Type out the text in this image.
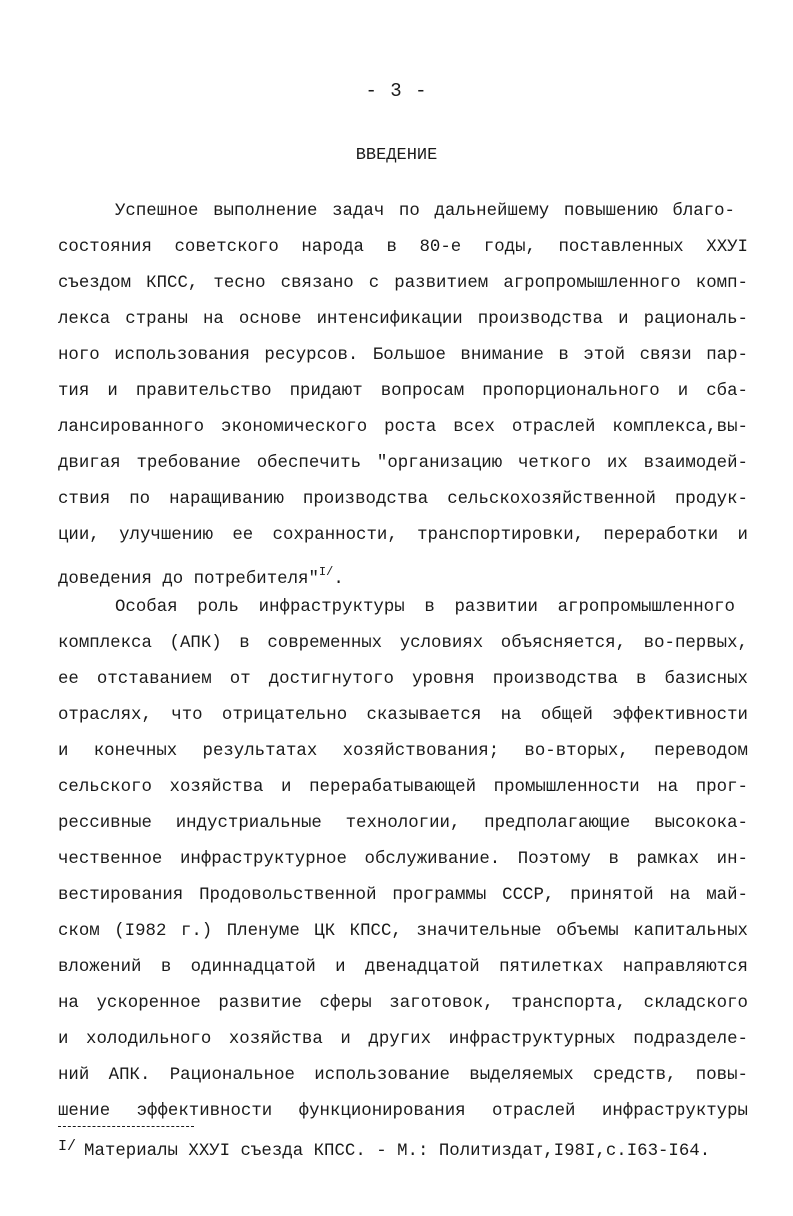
- 3 -
ВВЕДЕНИЕ
Успешное выполнение задач по дальнейшему повышению благо-
состояния советского народа в 80-е годы, поставленных XXУI
съездом КПСС, тесно связано с развитием агропромышленного комп-
лекса страны на основе интенсификации производства и рациональ-
ного использования ресурсов. Большое внимание в этой связи пар-
тия и правительство придают вопросам пропорционального и сба-
лансированного экономического роста всех отраслей комплекса,вы-
двигая требование обеспечить "организацию четкого их взаимодей-
ствия по наращиванию производства сельскохозяйственной продук-
ции, улучшению ее сохранности, транспортировки, переработки и
доведения до потребителя"$^{I/}$.
Особая роль инфраструктуры в развитии агропромышленного
комплекса (АПК) в современных условиях объясняется, во-первых,
ее отставанием от достигнутого уровня производства в базисных
отраслях, что отрицательно сказывается на общей эффективности
и конечных результатах хозяйствования; во-вторых, переводом
сельского хозяйства и перерабатывающей промышленности на прог-
рессивные индустриальные технологии, предполагающие высокока-
чественное инфраструктурное обслуживание. Поэтому в рамках ин-
вестирования Продовольственной программы СССР, принятой на май-
ском (I982 г.) Пленуме ЦК КПСС, значительные объемы капитальных
вложений в одиннадцатой и двенадцатой пятилетках направляются
на ускоренное развитие сферы заготовок, транспорта, складского
и холодильного хозяйства и других инфраструктурных подразделе-
ний АПК. Рациональное использование выделяемых средств, повы-
шение эффективности функционирования отраслей инфраструктуры
I/ Материалы XXУI съезда КПСС. - М.: Политиздат,I98I,с.I63-I64.
